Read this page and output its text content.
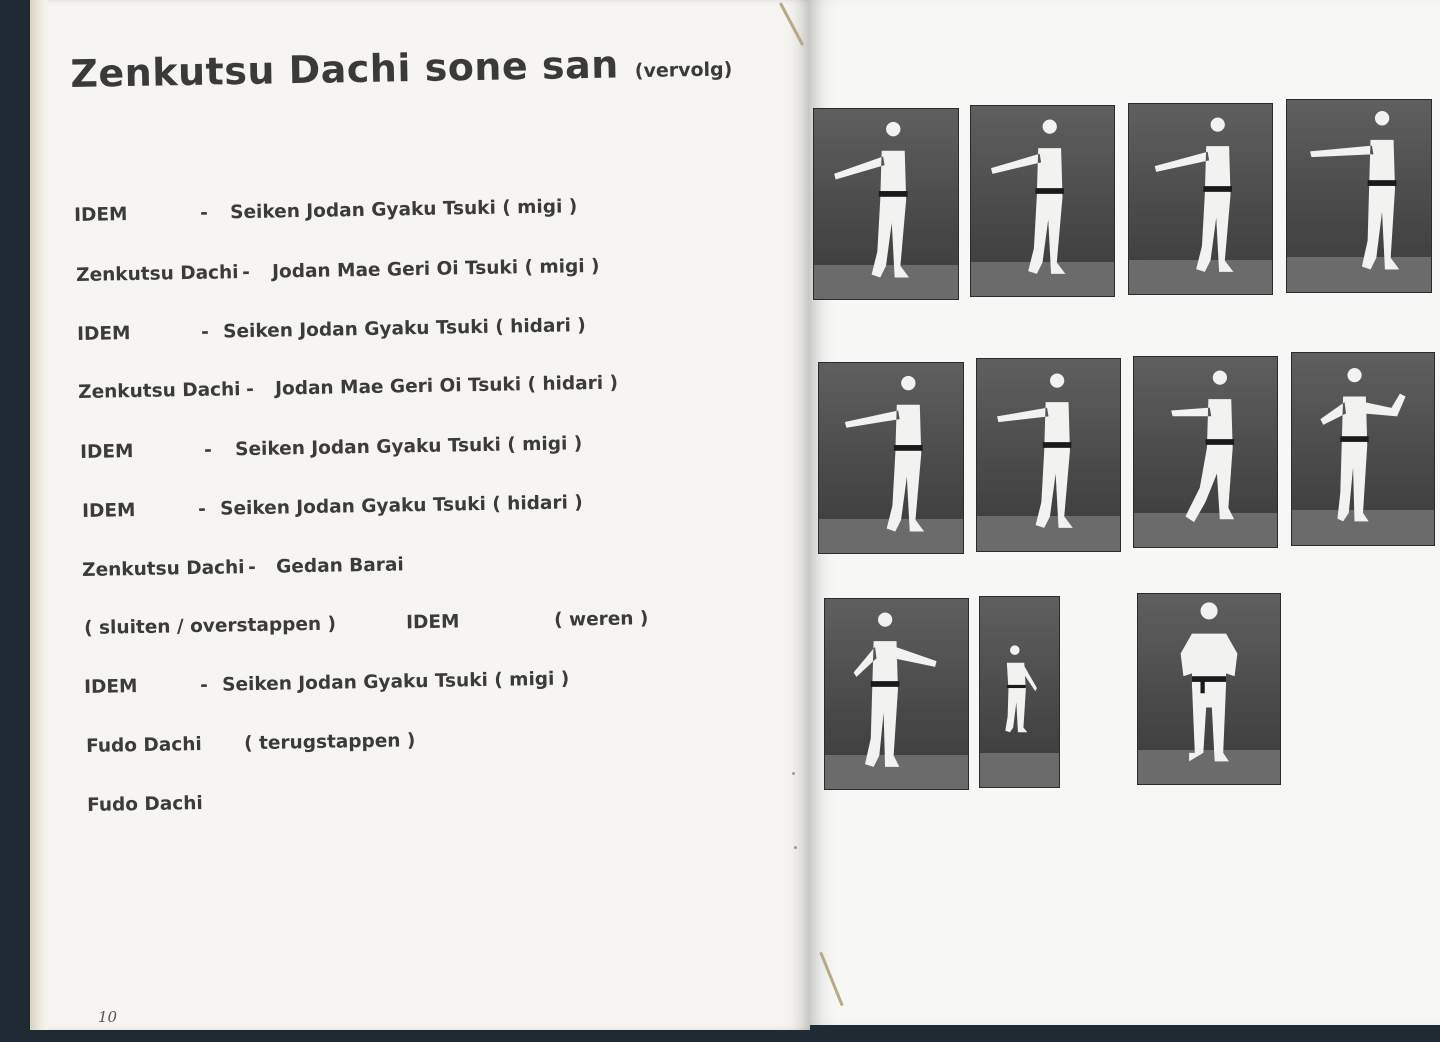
Zenkutsu Dachi sone san (vervolg)
IDEM	- Seiken Jodan Gyaku Tsuki ( migi )
Zenkutsu Dachi - Jodan Mae Geri Oi Tsuki ( migi )
IDEM	- Seiken Jodan Gyaku Tsuki ( hidari )
Zenkutsu Dachi - Jodan Mae Geri Oi Tsuki ( hidari )
IDEM	- Seiken Jodan Gyaku Tsuki ( migi )
IDEM	- Seiken Jodan Gyaku Tsuki ( hidari )
Zenkutsu Dachi - Gedan Barai
( sluiten / overstappen )	IDEM	( weren )
IDEM	- Seiken Jodan Gyaku Tsuki ( migi )
Fudo Dachi ( terugstappen )
Fudo Dachi
10
